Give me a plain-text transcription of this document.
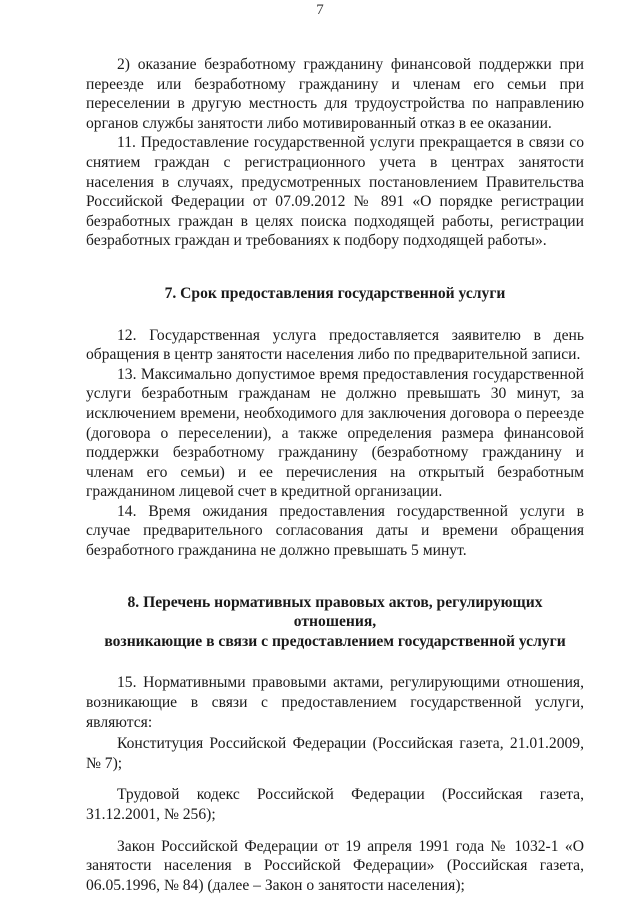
7

2) оказание безработному гражданину финансовой поддержки при переезде или безработному гражданину и членам его семьи при переселении в другую местность для трудоустройства по направлению органов службы занятости либо мотивированный отказ в ее оказании.

11. Предоставление государственной услуги прекращается в связи со снятием граждан с регистрационного учета в центрах занятости населения в случаях, предусмотренных постановлением Правительства Российской Федерации от 07.09.2012 № 891 «О порядке регистрации безработных граждан в целях поиска подходящей работы, регистрации безработных граждан и требованиях к подбору подходящей работы».

7. Срок предоставления государственной услуги

12. Государственная услуга предоставляется заявителю в день обращения в центр занятости населения либо по предварительной записи.

13. Максимально допустимое время предоставления государственной услуги безработным гражданам не должно превышать 30 минут, за исключением времени, необходимого для заключения договора о переезде (договора о переселении), а также определения размера финансовой поддержки безработному гражданину (безработному гражданину и членам его семьи) и ее перечисления на открытый безработным гражданином лицевой счет в кредитной организации.

14. Время ожидания предоставления государственной услуги в случае предварительного согласования даты и времени обращения безработного гражданина не должно превышать 5 минут.

8. Перечень нормативных правовых актов, регулирующих отношения,
возникающие в связи с предоставлением государственной услуги

15. Нормативными правовыми актами, регулирующими отношения, возникающие в связи с предоставлением государственной услуги, являются:

Конституция Российской Федерации (Российская газета, 21.01.2009, № 7);

Трудовой кодекс Российской Федерации (Российская газета, 31.12.2001, № 256);

Закон Российской Федерации от 19 апреля 1991 года № 1032-1 «О занятости населения в Российской Федерации» (Российская газета, 06.05.1996, № 84) (далее – Закон о занятости населения);
